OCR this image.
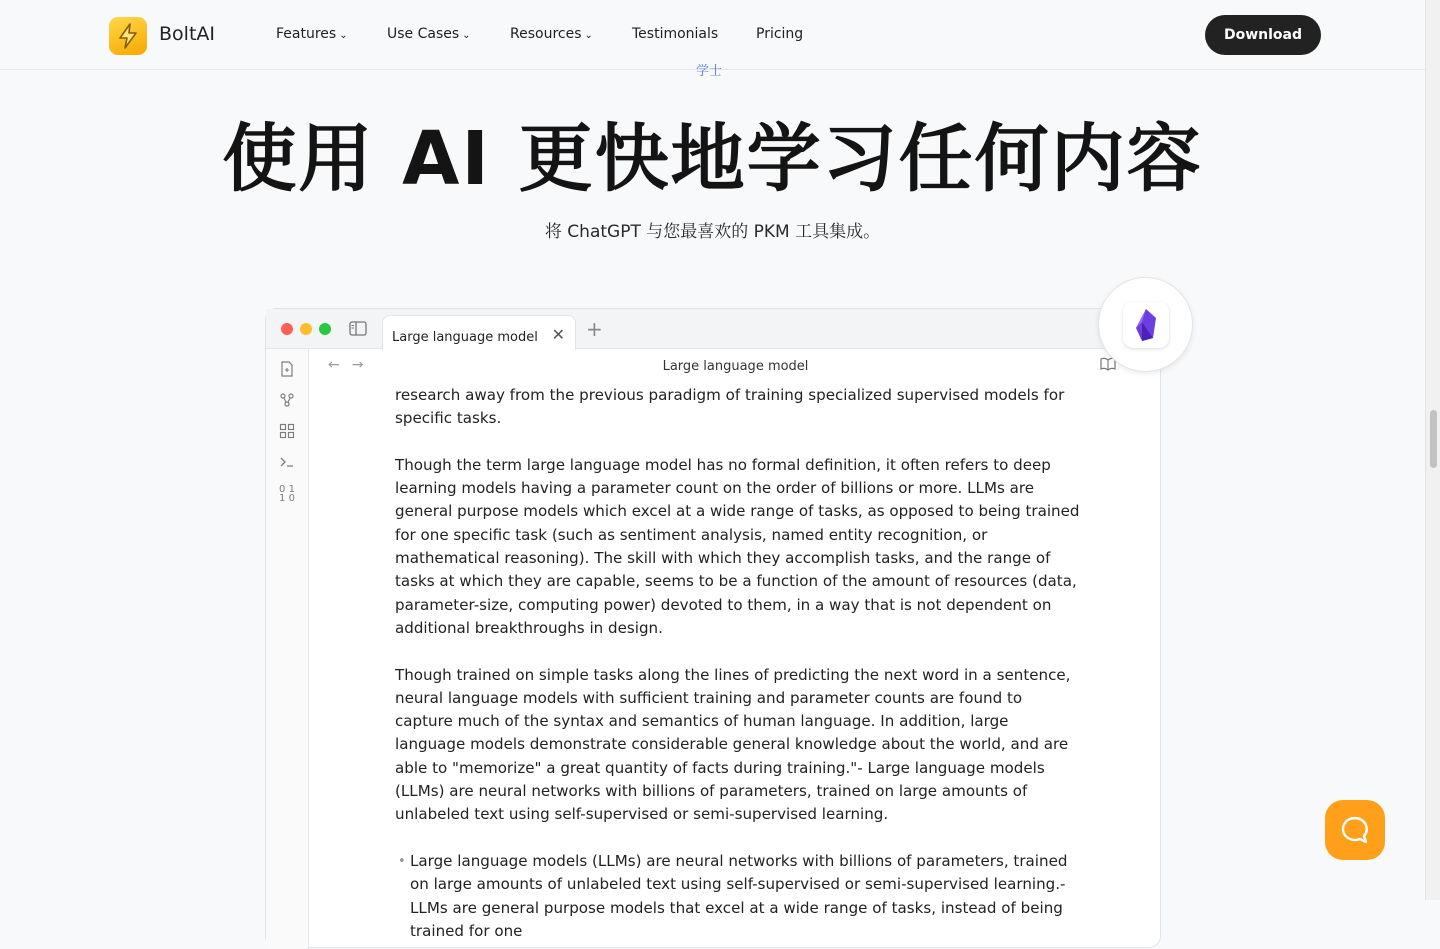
BoltAI	Features ⌄	Use Cases ⌄	Resources ⌄	Testimonials	Pricing	Download
学士
使用 AI 更快地学习任何内容
将 ChatGPT 与您最喜欢的 PKM 工具集成。
Large language model ✕ +
0 1
1 0
←→	Large language model

research away from the previous paradigm of training specialized supervised models for specific tasks.

Though the term large language model has no formal definition, it often refers to deep learning models having a parameter count on the order of billions or more. LLMs are general purpose models which excel at a wide range of tasks, as opposed to being trained for one specific task (such as sentiment analysis, named entity recognition, or mathematical reasoning). The skill with which they accomplish tasks, and the range of tasks at which they are capable, seems to be a function of the amount of resources (data, parameter-size, computing power) devoted to them, in a way that is not dependent on additional breakthroughs in design.

Though trained on simple tasks along the lines of predicting the next word in a sentence, neural language models with sufficient training and parameter counts are found to capture much of the syntax and semantics of human language. In addition, large language models demonstrate considerable general knowledge about the world, and are able to "memorize" a great quantity of facts during training."- Large language models (LLMs) are neural networks with billions of parameters, trained on large amounts of unlabeled text using self-supervised or semi-supervised learning.

• Large language models (LLMs) are neural networks with billions of parameters, trained on large amounts of unlabeled text using self-supervised or semi-supervised learning.- LLMs are general purpose models that excel at a wide range of tasks, instead of being trained for one
